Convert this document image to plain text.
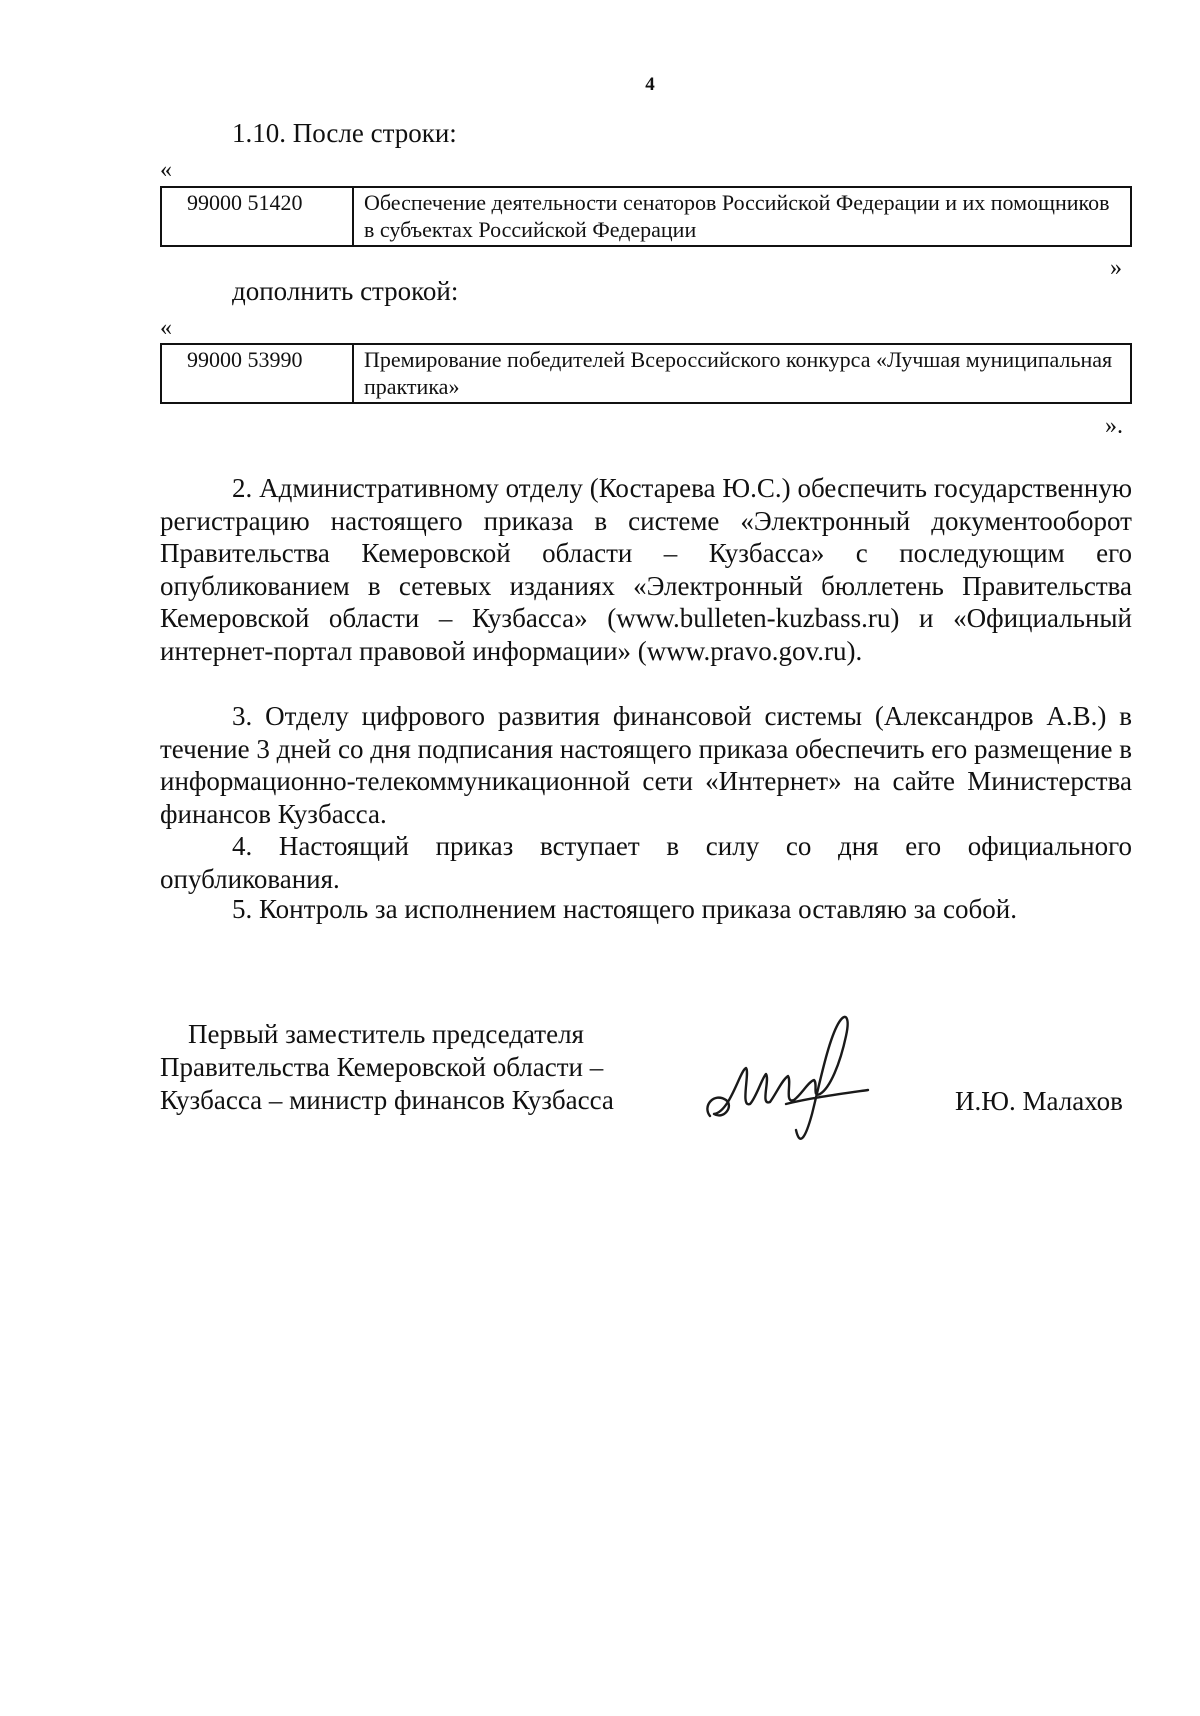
4
1.10. После строки:
«
99000 51420	Обеспечение деятельности сенаторов Российской Федерации и их помощников в субъектах Российской Федерации
»
дополнить строкой:
«
99000 53990	Премирование победителей Всероссийского конкурса «Лучшая муниципальная практика»
».

2. Административному отделу (Костарева Ю.С.) обеспечить государственную регистрацию настоящего приказа в системе «Электронный документооборот Правительства Кемеровской области – Кузбасса» с последующим его опубликованием в сетевых изданиях «Электронный бюллетень Правительства Кемеровской области – Кузбасса» (www.bulleten-kuzbass.ru) и «Официальный интернет-портал правовой информации» (www.pravo.gov.ru).

3. Отделу цифрового развития финансовой системы (Александров А.В.) в течение 3 дней со дня подписания настоящего приказа обеспечить его размещение в информационно-телекоммуникационной сети «Интернет» на сайте Министерства финансов Кузбасса.

4. Настоящий приказ вступает в силу со дня его официального опубликования.

5. Контроль за исполнением настоящего приказа оставляю за собой.

Первый заместитель председателя
Правительства Кемеровской области –
Кузбасса – министр финансов Кузбасса	И.Ю. Малахов
